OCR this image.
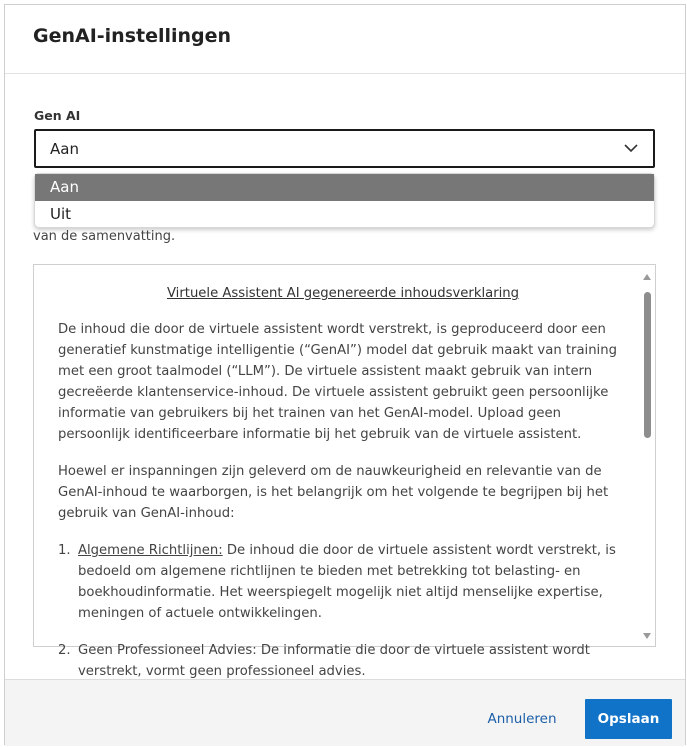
GenAI-instellingen
Gen AI
Aan
van de samenvatting.
Aan
Uit
Virtuele Assistent AI gegenereerde inhoudsverklaring

De inhoud die door de virtuele assistent wordt verstrekt, is geproduceerd door een generatief kunstmatige intelligentie (“GenAI”) model dat gebruik maakt van training met een groot taalmodel (“LLM”). De virtuele assistent maakt gebruik van intern gecreëerde klantenservice-inhoud. De virtuele assistent gebruikt geen persoonlijke informatie van gebruikers bij het trainen van het GenAI-model. Upload geen persoonlijk identificeerbare informatie bij het gebruik van de virtuele assistent.

Hoewel er inspanningen zijn geleverd om de nauwkeurigheid en relevantie van de GenAI-inhoud te waarborgen, is het belangrijk om het volgende te begrijpen bij het gebruik van GenAI-inhoud:

1. Algemene Richtlijnen: De inhoud die door de virtuele assistent wordt verstrekt, is bedoeld om algemene richtlijnen te bieden met betrekking tot belasting- en boekhoudinformatie. Het weerspiegelt mogelijk niet altijd menselijke expertise, meningen of actuele ontwikkelingen.
2. Geen Professioneel Advies: De informatie die door de virtuele assistent wordt verstrekt, vormt geen professioneel advies.
Annuleren	Opslaan
